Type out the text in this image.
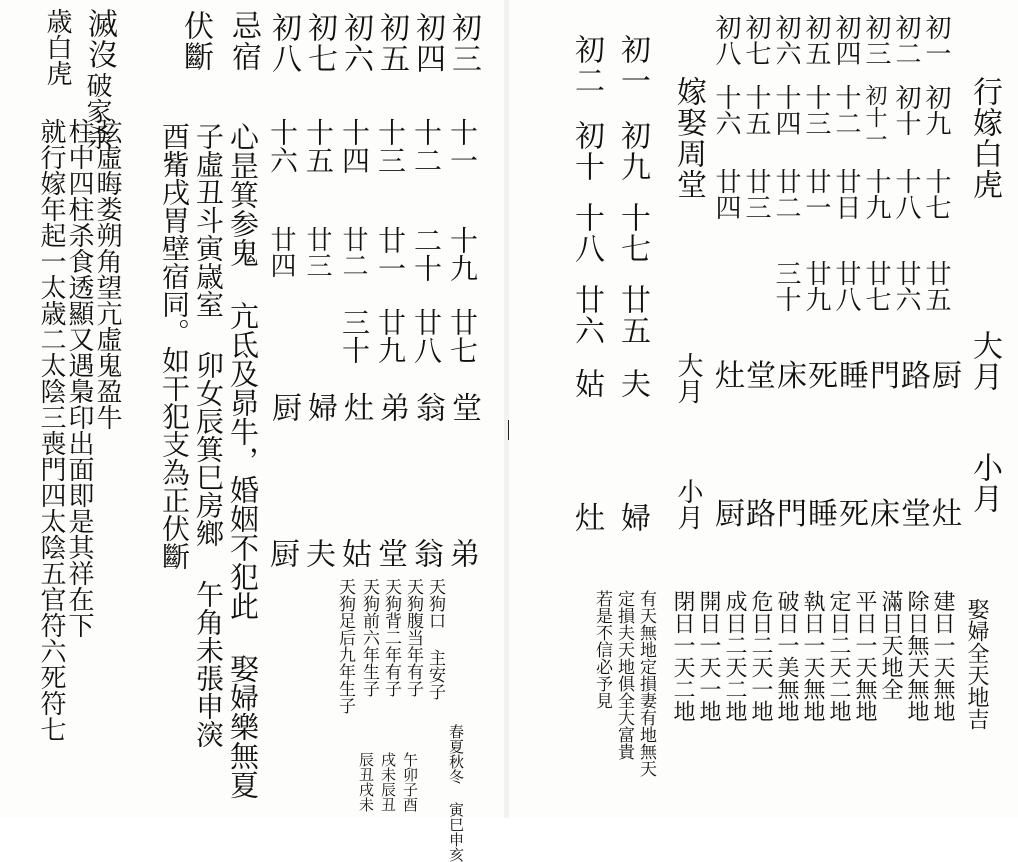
滅沒
破家杀
歳白虎
弦虛晦娄朔角望亢虛鬼盈牛
柱中四柱杀食透顯又遇梟印出面即是其祥在下
就行嫁年起一太歳二太陰三喪門四太陰五官符六死符七
伏斷 忌宿
心昰箕参鬼 亢氐及昴牛，婚姻不犯此 娶婦樂無夏
子虛丑斗寅𡻕室 卯女辰箕巳房鄉 午角未張申㴱
酉觜戌胃壁宿同。如干犯支為正伏斷
初三
初四
初五
初六
初七
初八
十一
十二
十三
十四
十五
十六
十九
二十
廿一
廿二
廿三
廿四
廿七
廿八
廿九
三十
堂
翁
弟
灶
婦
厨
弟
翁
堂
姑
夫
厨
天狗口 主安子
天狗腹当年有子
天狗背二年有子
天狗前六年生子
天狗足后九年生子
春夏秋冬 寅巳申亥
午卯子酉
戌未辰丑
辰丑戌未
初一
初二
初三
初四
初五
初六
初七
初八
初九
初十
初十一
十二
十三
十四
十五
十六
十七
十八
十九
廿日
廿一
廿二
廿三
廿四
廿五
廿六
廿七
廿八
廿九
三十
行嫁白虎
大月
小月
嫁娶周堂
大月
小月
灶堂床死睡門路厨
厨路門睡死床堂灶
初一
初九
十七
廿五
夫
婦
初二
初十
十八
廿六
姑
灶
娶婦全天地吉
建日一天無地
除日無天無地
滿日天地全
平日一天無地
定日二天二地
執日一天無地
破日一美無地
危日二天一地
成日二天二地
開日一天一地
閉日一天二地
有天無地定損妻有地無天
定損夫天地俱全大富貴
若是不信必予見
